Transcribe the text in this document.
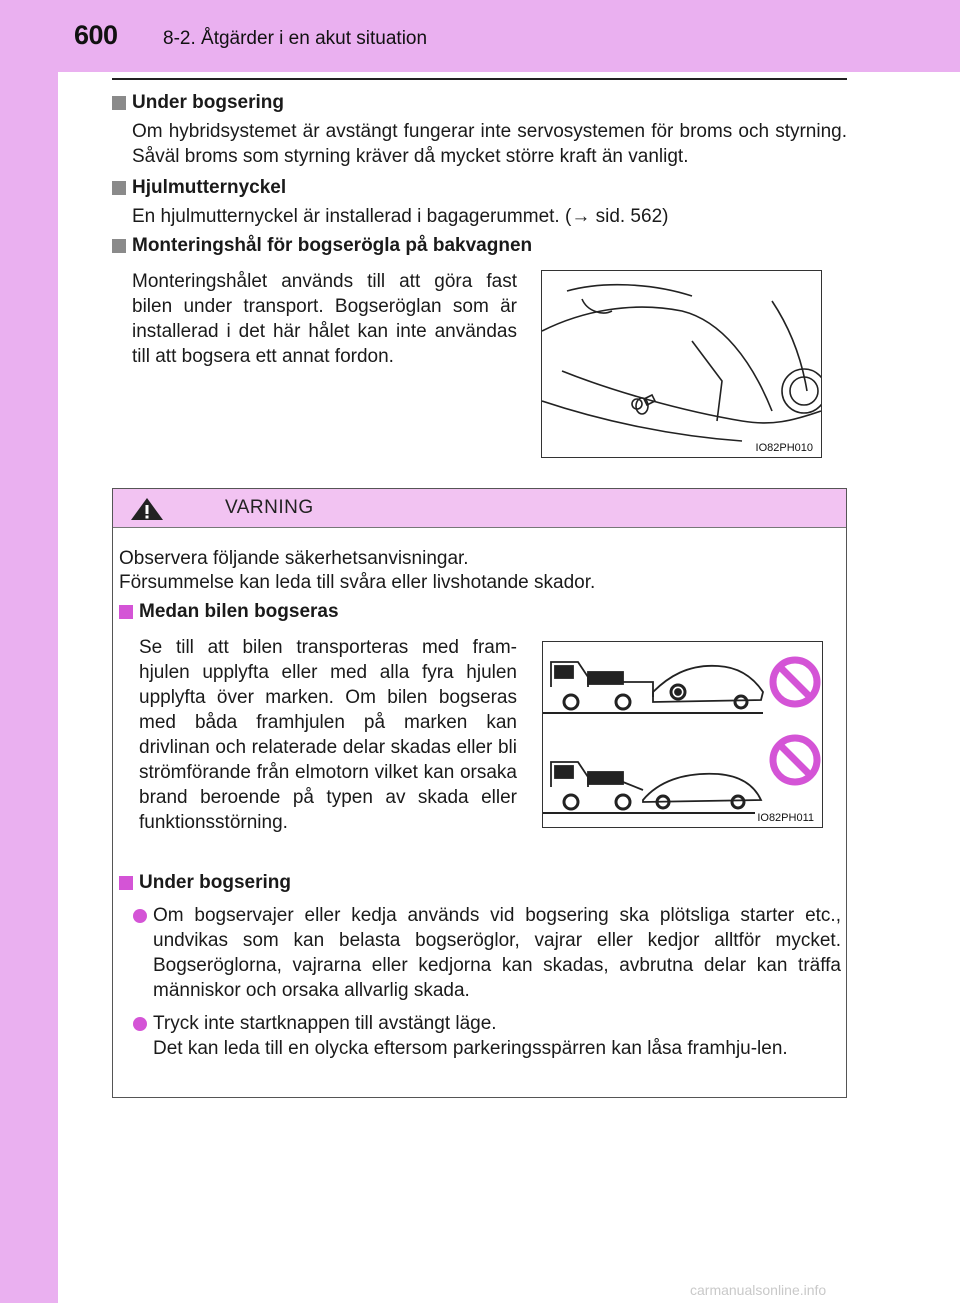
600 8-2. Åtgärder i en akut situation
Under bogsering
Om hybridsystemet är avstängt fungerar inte servosystemen för broms och styrning. Såväl broms som styrning kräver då mycket större kraft än vanligt.
Hjulmutternyckel
En hjulmutternyckel är installerad i bagagerummet. (→ sid. 562)
Monteringshål för bogserögla på bakvagnen
Monteringshålet används till att göra fast bilen under transport. Bogseröglan som är installerad i det här hålet kan inte användas till att bogsera ett annat fordon.
IO82PH010
VARNING
Observera följande säkerhetsanvisningar.
Försummelse kan leda till svåra eller livshotande skador.
Medan bilen bogseras
Se till att bilen transporteras med fram-hjulen upplyfta eller med alla fyra hjulen upplyfta över marken. Om bilen bogseras med båda framhjulen på marken kan drivlinan och relaterade delar skadas eller bli strömförande från elmotorn vilket kan orsaka brand beroende på typen av skada eller funktionsstörning.	IO82PH011
Under bogsering
Om bogservajer eller kedja används vid bogsering ska plötsliga starter etc., undvikas som kan belasta bogseröglor, vajrar eller kedjor alltför mycket. Bogseröglorna, vajrarna eller kedjorna kan skadas, avbrutna delar kan träffa människor och orsaka allvarlig skada.
Tryck inte startknappen till avstängt läge.
Det kan leda till en olycka eftersom parkeringsspärren kan låsa framhju-len.
carmanualsonline.info
